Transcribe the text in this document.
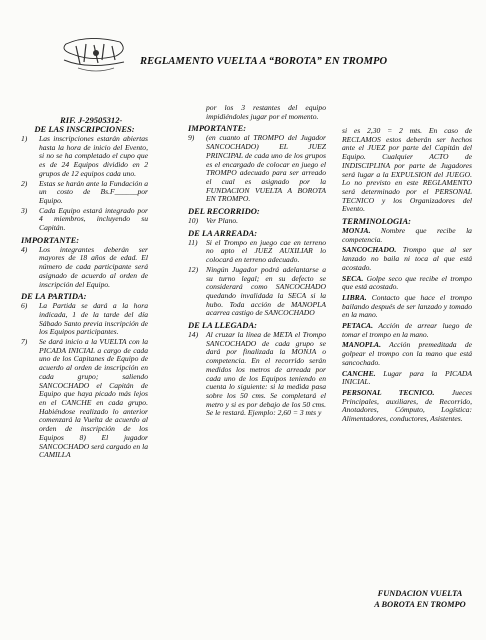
REGLAMENTO VUELTA A “BOROTA” EN TROMPO
RIF. J-29505312-
DE LAS INSCRIPCIONES:
1)	Las inscripciones estarán abiertas hasta la hora de inicio del Evento, si no se ha completado el cupo que es de 24 Equipos dividido en 2 grupos de 12 equipos cada uno.
2)	Estas se harán ante la Fundación a un costo de Bs.F______por Equipo.
3)	Cada Equipo estará integrado por 4 miembros, incluyendo su Capitán.
IMPORTANTE:
4)	Los integrantes deberán ser mayores de 18 años de edad. El número de cada participante será asignado de acuerdo al orden de inscripción del Equipo.
DE LA PARTIDA:
6)	La Partida se dará a la hora indicada, 1 de la tarde del día Sábado Santo previa inscripción de los Equipos participantes.
7)	Se dará inicio a la VUELTA con la PICADA INICIAL a cargo de cada uno de los Capitanes de Equipo de acuerdo al orden de inscripción en cada grupo; saliendo SANCOCHADO el Capitán de Equipo que haya picado más lejos en el CANCHE en cada grupo. Habiéndose realizado lo anterior comenzará la Vuelta de acuerdo al orden de inscripción de los Equipos 8) El jugador SANCOCHADO será cargado en la CAMILLA
por los 3 restantes del equipo impidiéndoles jugar por el momento.
IMPORTANTE:
9)	(en cuanto al TROMPO del Jugador SANCOCHADO) EL JUEZ PRINCIPAL de cada uno de los grupos es el encargado de colocar en juego el TROMPO adecuado para ser arreado el cual es asignado por la FUNDACION VUELTA A BOROTA EN TROMPO.
DEL RECORRIDO:
10)	Ver Plano.
DE LA ARREADA:
11)	Si el Trompo en juego cae en terreno no apto el JUEZ AUXILIAR lo colocará en terreno adecuado.
12)	Ningún Jugador podrá adelantarse a su turno legal; en su defecto se considerará como SANCOCHADO quedando invalidada la SECA si la hubo. Toda acción de MANOPLA acarrea castigo de SANCOCHADO
DE LA LLEGADA:
14)	Al cruzar la línea de META el Trompo SANCOCHADO de cada grupo se dará por finalizada la MONJA o competencia. En el recorrido serán medidos los metros de arreada por cada uno de los Equipos teniendo en cuenta lo siguiente: si la medida pasa sobre los 50 cms. Se completará el metro y si es por debajo de los 50 cms. Se le restará. Ejemplo: 2,60 = 3 mts y
si es 2,30 = 2 mts. En caso de RECLAMOS estos deberán ser hechos ante el JUEZ por parte del Capitán del Equipo. Cualquier ACTO de INDISCIPLINA por parte de Jugadores será lugar a la EXPULSION del JUEGO. Lo no previsto en este REGLAMENTO será determinado por el PERSONAL TECNICO y los Organizadores del Evento.
TERMINOLOGIA:
MONJA. Nombre que recibe la competencia.
SANCOCHADO. Trompo que al ser lanzado no baila ni toca al que está acostado.
SECA. Golpe seco que recibe el trompo que está acostado.
LIBRA. Contacto que hace el trompo bailando después de ser lanzado y tomado en la mano.
PETACA. Acción de arrear luego de tomar el trompo en la mano.
MANOPLA. Acción premeditada de golpear el trompo con la mano que está sancochado.
CANCHE. Lugar para la PICADA INICIAL.
PERSONAL TECNICO. Jueces Principales, auxiliares, de Recorrido, Anotadores, Cómputo, Logística: Alimentadores, conductores, Asistentes.
FUNDACION VUELTA
A BOROTA EN TROMPO
